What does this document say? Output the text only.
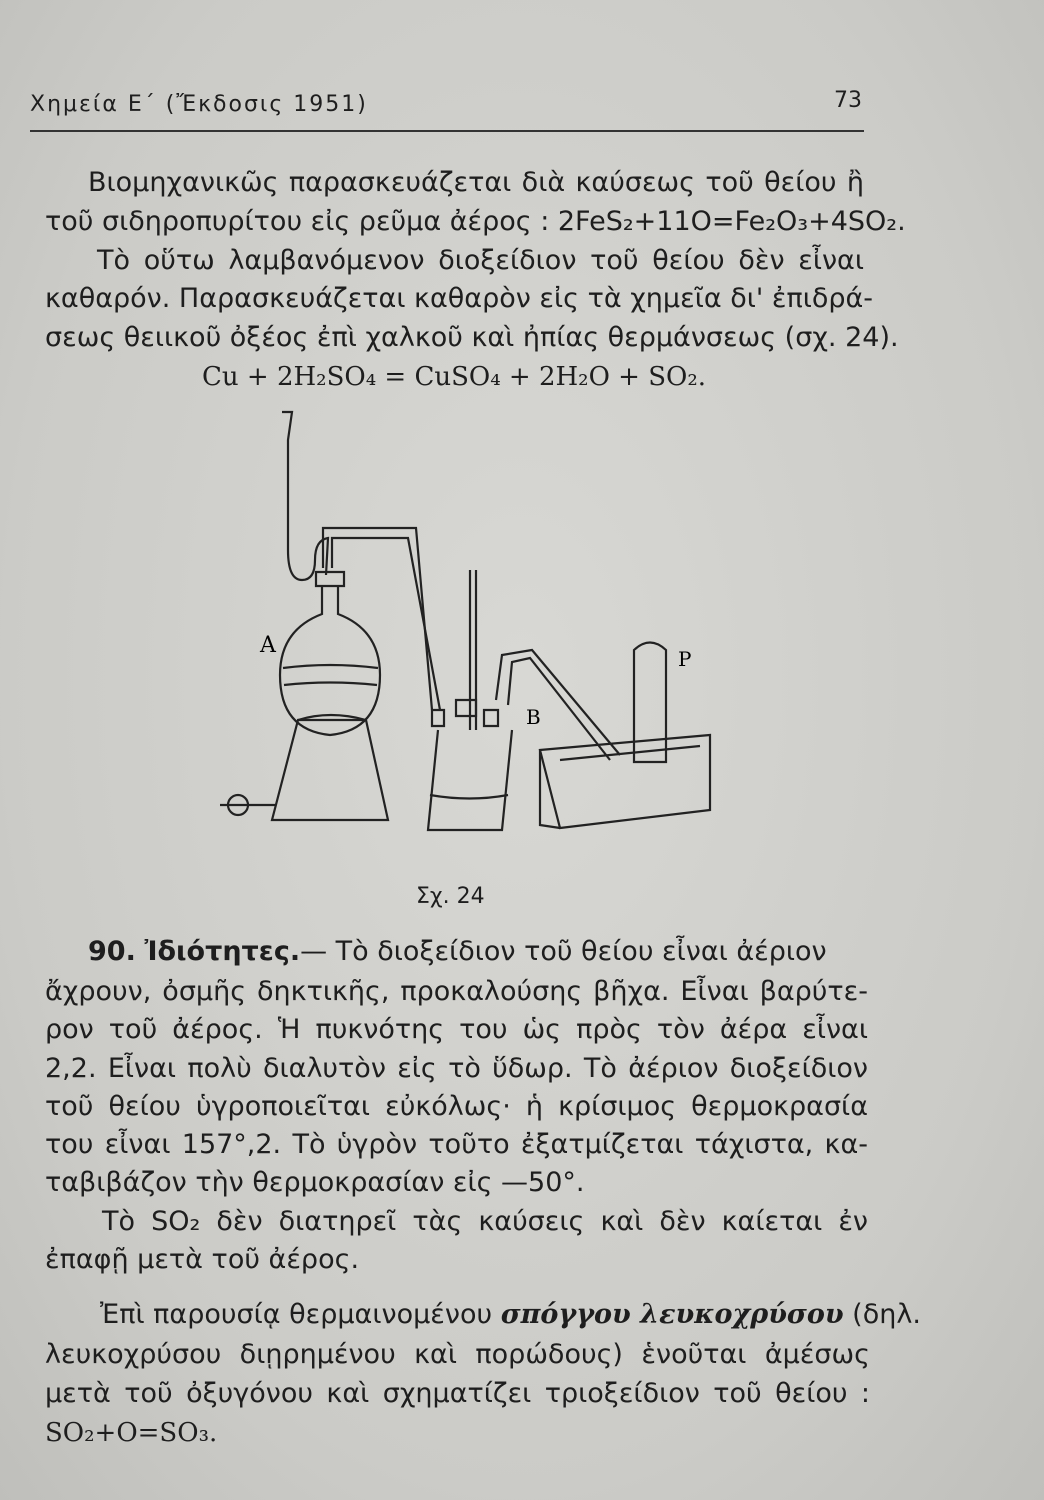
Χημεία Ε΄ (Ἔκδοσις 1951)	73
Βιομηχανικῶς παρασκευάζεται διὰ καύσεως τοῦ θείου ἢ
τοῦ σιδηροπυρίτου εἰς ρεῦμα ἀέρος : 2FeS₂+11O=Fe₂O₃+4SO₂.
Τὸ οὕτω λαμβανόμενον διοξείδιον τοῦ θείου δὲν εἶναι
καθαρόν. Παρασκευάζεται καθαρὸν εἰς τὰ χημεῖα δι' ἐπιδρά-
σεως θειικοῦ ὀξέος ἐπὶ χαλκοῦ καὶ ἠπίας θερμάνσεως (σχ. 24).
Cu + 2H₂SO₄ = CuSO₄ + 2H₂O + SO₂.
A
B
P
Σχ. 24
90. Ἰδιότητες.— Τὸ διοξείδιον τοῦ θείου εἶναι ἀέριον
ἄχρουν, ὀσμῆς δηκτικῆς, προκαλούσης βῆχα. Εἶναι βαρύτε-
ρον τοῦ ἀέρος. Ἡ πυκνότης του ὡς πρὸς τὸν ἀέρα εἶναι
2,2. Εἶναι πολὺ διαλυτὸν εἰς τὸ ὕδωρ. Τὸ ἀέριον διοξείδιον
τοῦ θείου ὑγροποιεῖται εὐκόλως· ἡ κρίσιμος θερμοκρασία
του εἶναι 157°,2. Τὸ ὑγρὸν τοῦτο ἐξατμίζεται τάχιστα, κα-
ταβιβάζον τὴν θερμοκρασίαν εἰς —50°.
Τὸ SO₂ δὲν διατηρεῖ τὰς καύσεις καὶ δὲν καίεται ἐν
ἐπαφῇ μετὰ τοῦ ἀέρος.
Ἐπὶ παρουσίᾳ θερμαινομένου σπόγγου λευκοχρύσου (δηλ.
λευκοχρύσου διῃρημένου καὶ πορώδους) ἑνοῦται ἀμέσως
μετὰ τοῦ ὀξυγόνου καὶ σχηματίζει τριοξείδιον τοῦ θείου :
SO₂+O=SO₃.
